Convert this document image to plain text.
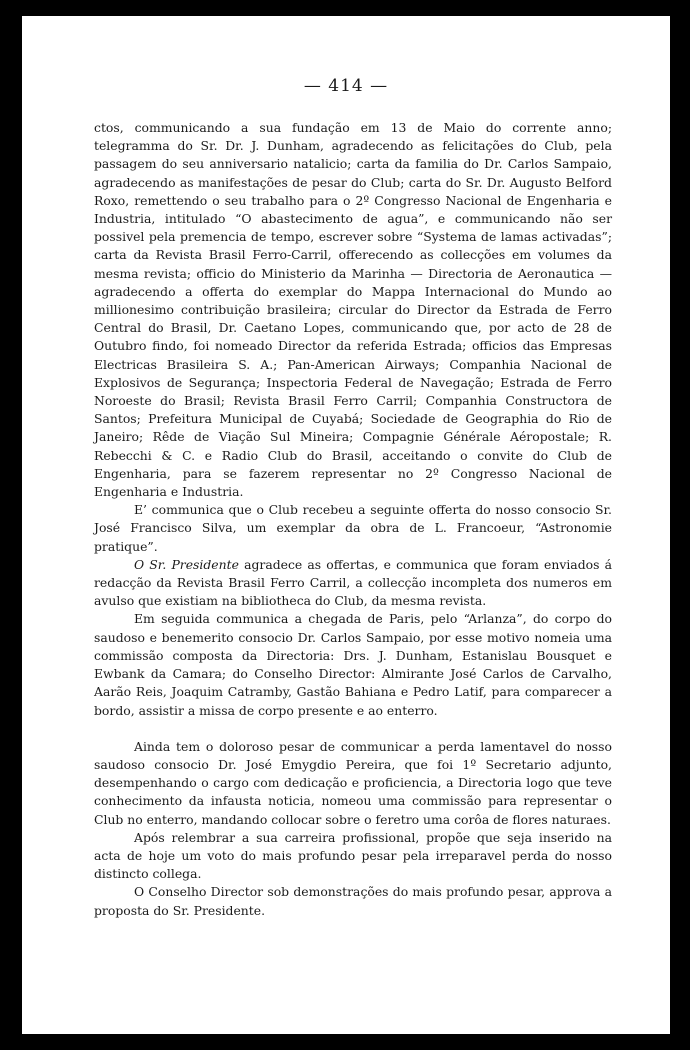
— 414 —

ctos, communicando a sua fundação em 13 de Maio do corrente anno; telegramma do Sr. Dr. J. Dunham, agradecendo as felicitações do Club, pela passagem do seu anniversario natalicio; carta da familia do Dr. Carlos Sampaio, agradecendo as manifestações de pesar do Club; carta do Sr. Dr. Augusto Belford Roxo, remettendo o seu trabalho para o 2º Congresso Nacional de Engenharia e Industria, intitulado “O abastecimento de agua”, e communicando não ser possivel pela premencia de tempo, escrever sobre “Systema de lamas activadas”; carta da Revista Brasil Ferro-Carril, offerecendo as collecções em volumes da mesma revista; officio do Ministerio da Marinha — Directoria de Aeronautica — agradecendo a offerta do exemplar do Mappa Internacional do Mundo ao millionesimo contribuição brasileira; circular do Director da Estrada de Ferro Central do Brasil, Dr. Caetano Lopes, communicando que, por acto de 28 de Outubro findo, foi nomeado Director da referida Estrada; officios das Empresas Electricas Brasileira S. A.; Pan-American Airways; Companhia Nacional de Explosivos de Segurança; Inspectoria Federal de Navegação; Estrada de Ferro Noroeste do Brasil; Revista Brasil Ferro Carril; Companhia Constructora de Santos; Prefeitura Municipal de Cuyabá; Sociedade de Geographia do Rio de Janeiro; Rêde de Viação Sul Mineira; Compagnie Générale Aéropostale; R. Rebecchi & C. e Radio Club do Brasil, acceitando o convite do Club de Engenharia, para se fazerem representar no 2º Congresso Nacional de Engenharia e Industria.

E’ communica que o Club recebeu a seguinte offerta do nosso consocio Sr. José Francisco Silva, um exemplar da obra de L. Francoeur, “Astronomie pratique”.

O Sr. Presidente agradece as offertas, e communica que foram enviados á redacção da Revista Brasil Ferro Carril, a collecção incompleta dos numeros em avulso que existiam na bibliotheca do Club, da mesma revista.

Em seguida communica a chegada de Paris, pelo “Arlanza”, do corpo do saudoso e benemerito consocio Dr. Carlos Sampaio, por esse motivo nomeia uma commissão composta da Directoria: Drs. J. Dunham, Estanislau Bousquet e Ewbank da Camara; do Conselho Director: Almirante José Carlos de Carvalho, Aarão Reis, Joaquim Catramby, Gastão Bahiana e Pedro Latif, para comparecer a bordo, assistir a missa de corpo presente e ao enterro.

Ainda tem o doloroso pesar de communicar a perda lamentavel do nosso saudoso consocio Dr. José Emygdio Pereira, que foi 1º Secretario adjunto, desempenhando o cargo com dedicação e proficiencia, a Directoria logo que teve conhecimento da infausta noticia, nomeou uma commissão para representar o Club no enterro, mandando collocar sobre o feretro uma corôa de flores naturaes.

Após relembrar a sua carreira profissional, propõe que seja inserido na acta de hoje um voto do mais profundo pesar pela irreparavel perda do nosso distincto collega.

O Conselho Director sob demonstrações do mais profundo pesar, approva a proposta do Sr. Presidente.
